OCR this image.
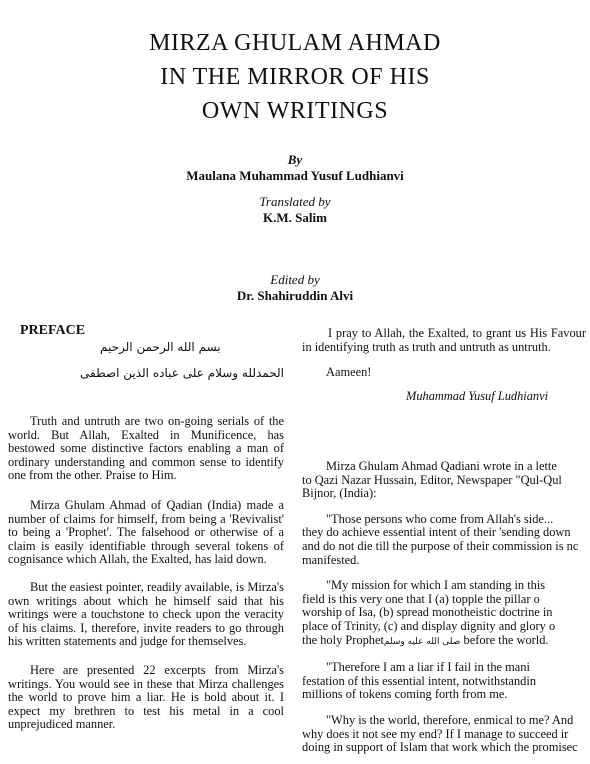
MIRZA GHULAM AHMAD
IN THE MIRROR OF HIS
OWN WRITINGS
By
Maulana Muhammad Yusuf Ludhianvi
Translated by
K.M. Salim
Edited by
Dr. Shahiruddin Alvi
PREFACE
بسم الله الرحمن الرحيم
الحمدلله وسلام على عباده الذين اصطفى

Truth and untruth are two on-going serials of the world. But Allah, Exalted in Munificence, has bestowed some distinctive factors enabling a man of ordinary understanding and common sense to identify one from the other. Praise to Him.

Mirza Ghulam Ahmad of Qadian (India) made a number of claims for himself, from being a 'Revivalist' to being a 'Prophet'. The falsehood or otherwise of a claim is easily identifiable through several tokens of cognisance which Allah, the Exalted, has laid down.

But the easiest pointer, readily available, is Mirza's own writings about which he himself said that his writings were a touchstone to check upon the veracity of his claims. I, therefore, invite readers to go through his written statements and judge for themselves.

Here are presented 22 excerpts from Mirza's writings. You would see in these that Mirza challenges the world to prove him a liar. He is bold about it. I expect my brethren to test his metal in a cool unprejudiced manner.

I pray to Allah, the Exalted, to grant us His Favour in identifying truth as truth and untruth as untruth.

Aameen!

Muhammad Yusuf Ludhianvi

Mirza Ghulam Ahmad Qadiani wrote in a lette

to Qazi Nazar Hussain, Editor, Newspaper "Qul-Qul

Bijnor, (India):

"Those persons who come from Allah's side...

they do achieve essential intent of their 'sending down

and do not die till the purpose of their commission is nc

manifested.

"My mission for which I am standing in this

field is this very one that I (a) topple the pillar o

worship of Isa, (b) spread monotheistic doctrine in

place of Trinity, (c) and display dignity and glory o

the holy Prophetصلى الله عليه وسلم before the world.

"Therefore I am a liar if I fail in the mani

festation of this essential intent, notwithstandin

millions of tokens coming forth from me.

"Why is the world, therefore, enmical to me? And

why does it not see my end? If I manage to succeed ir

doing in support of Islam that work which the promisec
